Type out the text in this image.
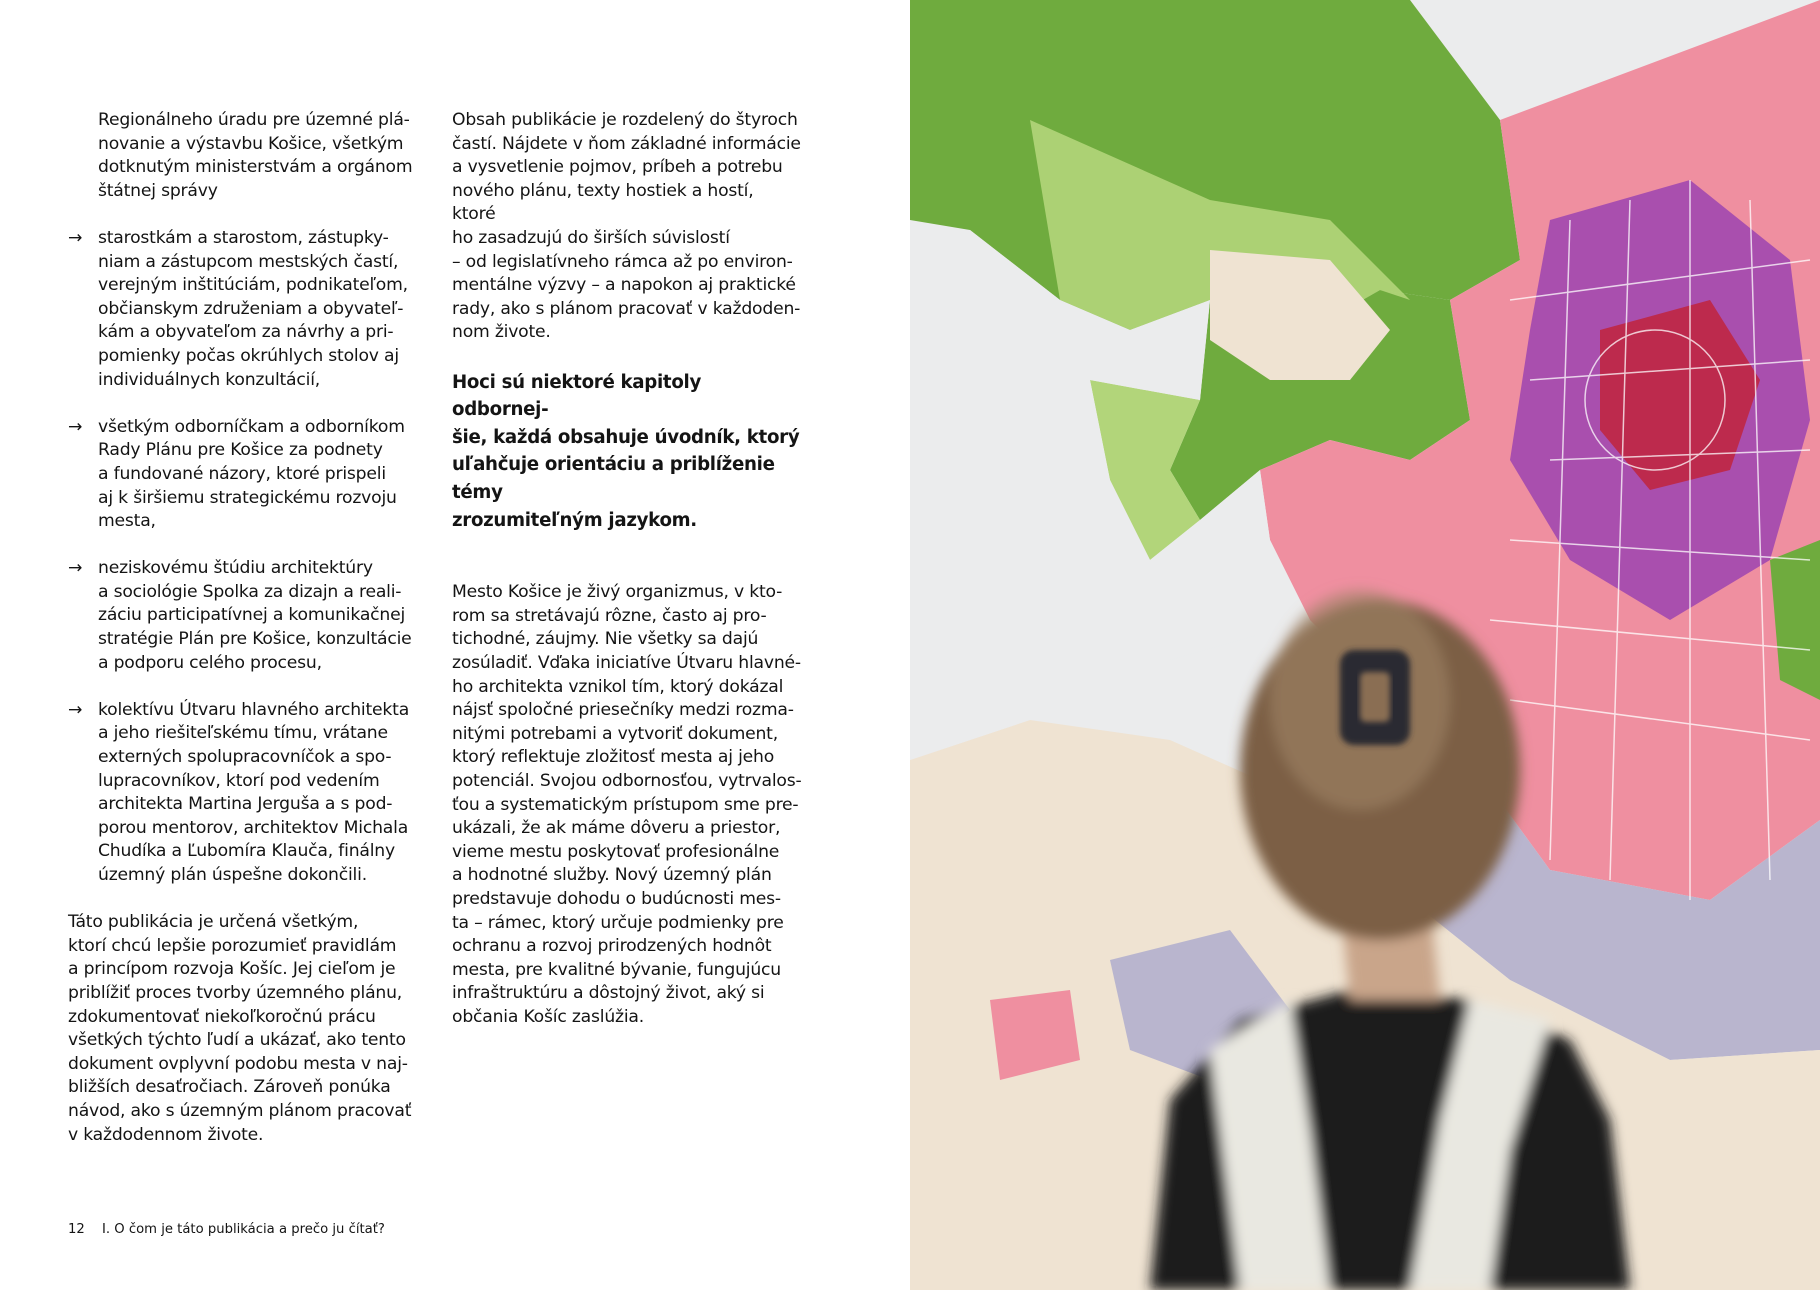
Regionálneho úradu pre územné plá-
novanie a výstavbu Košice, všetkým
dotknutým ministerstvám a orgánom
štátnej správy

→ starostkám a starostom, zástupky-
niam a zástupcom mestských častí,
verejným inštitúciám, podnikateľom,
občianskym združeniam a obyvateľ-
kám a obyvateľom za návrhy a pri-
pomienky počas okrúhlych stolov aj
individuálnych konzultácií,
→ všetkým odborníčkam a odborníkom
Rady Plánu pre Košice za podnety
a fundované názory, ktoré prispeli
aj k širšiemu strategickému rozvoju
mesta,
→ neziskovému štúdiu architektúry
a sociológie Spolka za dizajn a reali-
záciu participatívnej a komunikačnej
stratégie Plán pre Košice, konzultácie
a podporu celého procesu,
→ kolektívu Útvaru hlavného architekta
a jeho riešiteľskému tímu, vrátane
externých spolupracovníčok a spo-
lupracovníkov, ktorí pod vedením
architekta Martina Jerguša a s pod-
porou mentorov, architektov Michala
Chudíka a Ľubomíra Klauča, finálny
územný plán úspešne dokončili.

Táto publikácia je určená všetkým,
ktorí chcú lepšie porozumieť pravidlám
a princípom rozvoja Košíc. Jej cieľom je
priblížiť proces tvorby územného plánu,
zdokumentovať niekoľkoročnú prácu
všetkých týchto ľudí a ukázať, ako tento
dokument ovplyvní podobu mesta v naj-
bližších desaťročiach. Zároveň ponúka
návod, ako s územným plánom pracovať
v každodennom živote.

Obsah publikácie je rozdelený do štyroch
častí. Nájdete v ňom základné informácie
a vysvetlenie pojmov, príbeh a potrebu
nového plánu, texty hostiek a hostí, ktoré
ho zasadzujú do širších súvislostí
– od legislatívneho rámca až po environ-
mentálne výzvy – a napokon aj praktické
rady, ako s plánom pracovať v každoden-
nom živote.

Hoci sú niektoré kapitoly odbornej-
šie, každá obsahuje úvodník, ktorý
uľahčuje orientáciu a priblíženie témy
zrozumiteľným jazykom.

Mesto Košice je živý organizmus, v kto-
rom sa stretávajú rôzne, často aj pro-
tichodné, záujmy. Nie všetky sa dajú
zosúladiť. Vďaka iniciatíve Útvaru hlavné-
ho architekta vznikol tím, ktorý dokázal
nájsť spoločné priesečníky medzi rozma-
nitými potrebami a vytvoriť dokument,
ktorý reflektuje zložitosť mesta aj jeho
potenciál. Svojou odbornosťou, vytrvalos-
ťou a systematickým prístupom sme pre-
ukázali, že ak máme dôveru a priestor,
vieme mestu poskytovať profesionálne
a hodnotné služby. Nový územný plán
predstavuje dohodu o budúcnosti mes-
ta – rámec, ktorý určuje podmienky pre
ochranu a rozvoj prirodzených hodnôt
mesta, pre kvalitné bývanie, fungujúcu
infraštruktúru a dôstojný život, aký si
občania Košíc zaslúžia.

12 I. O čom je táto publikácia a prečo ju čítať?
